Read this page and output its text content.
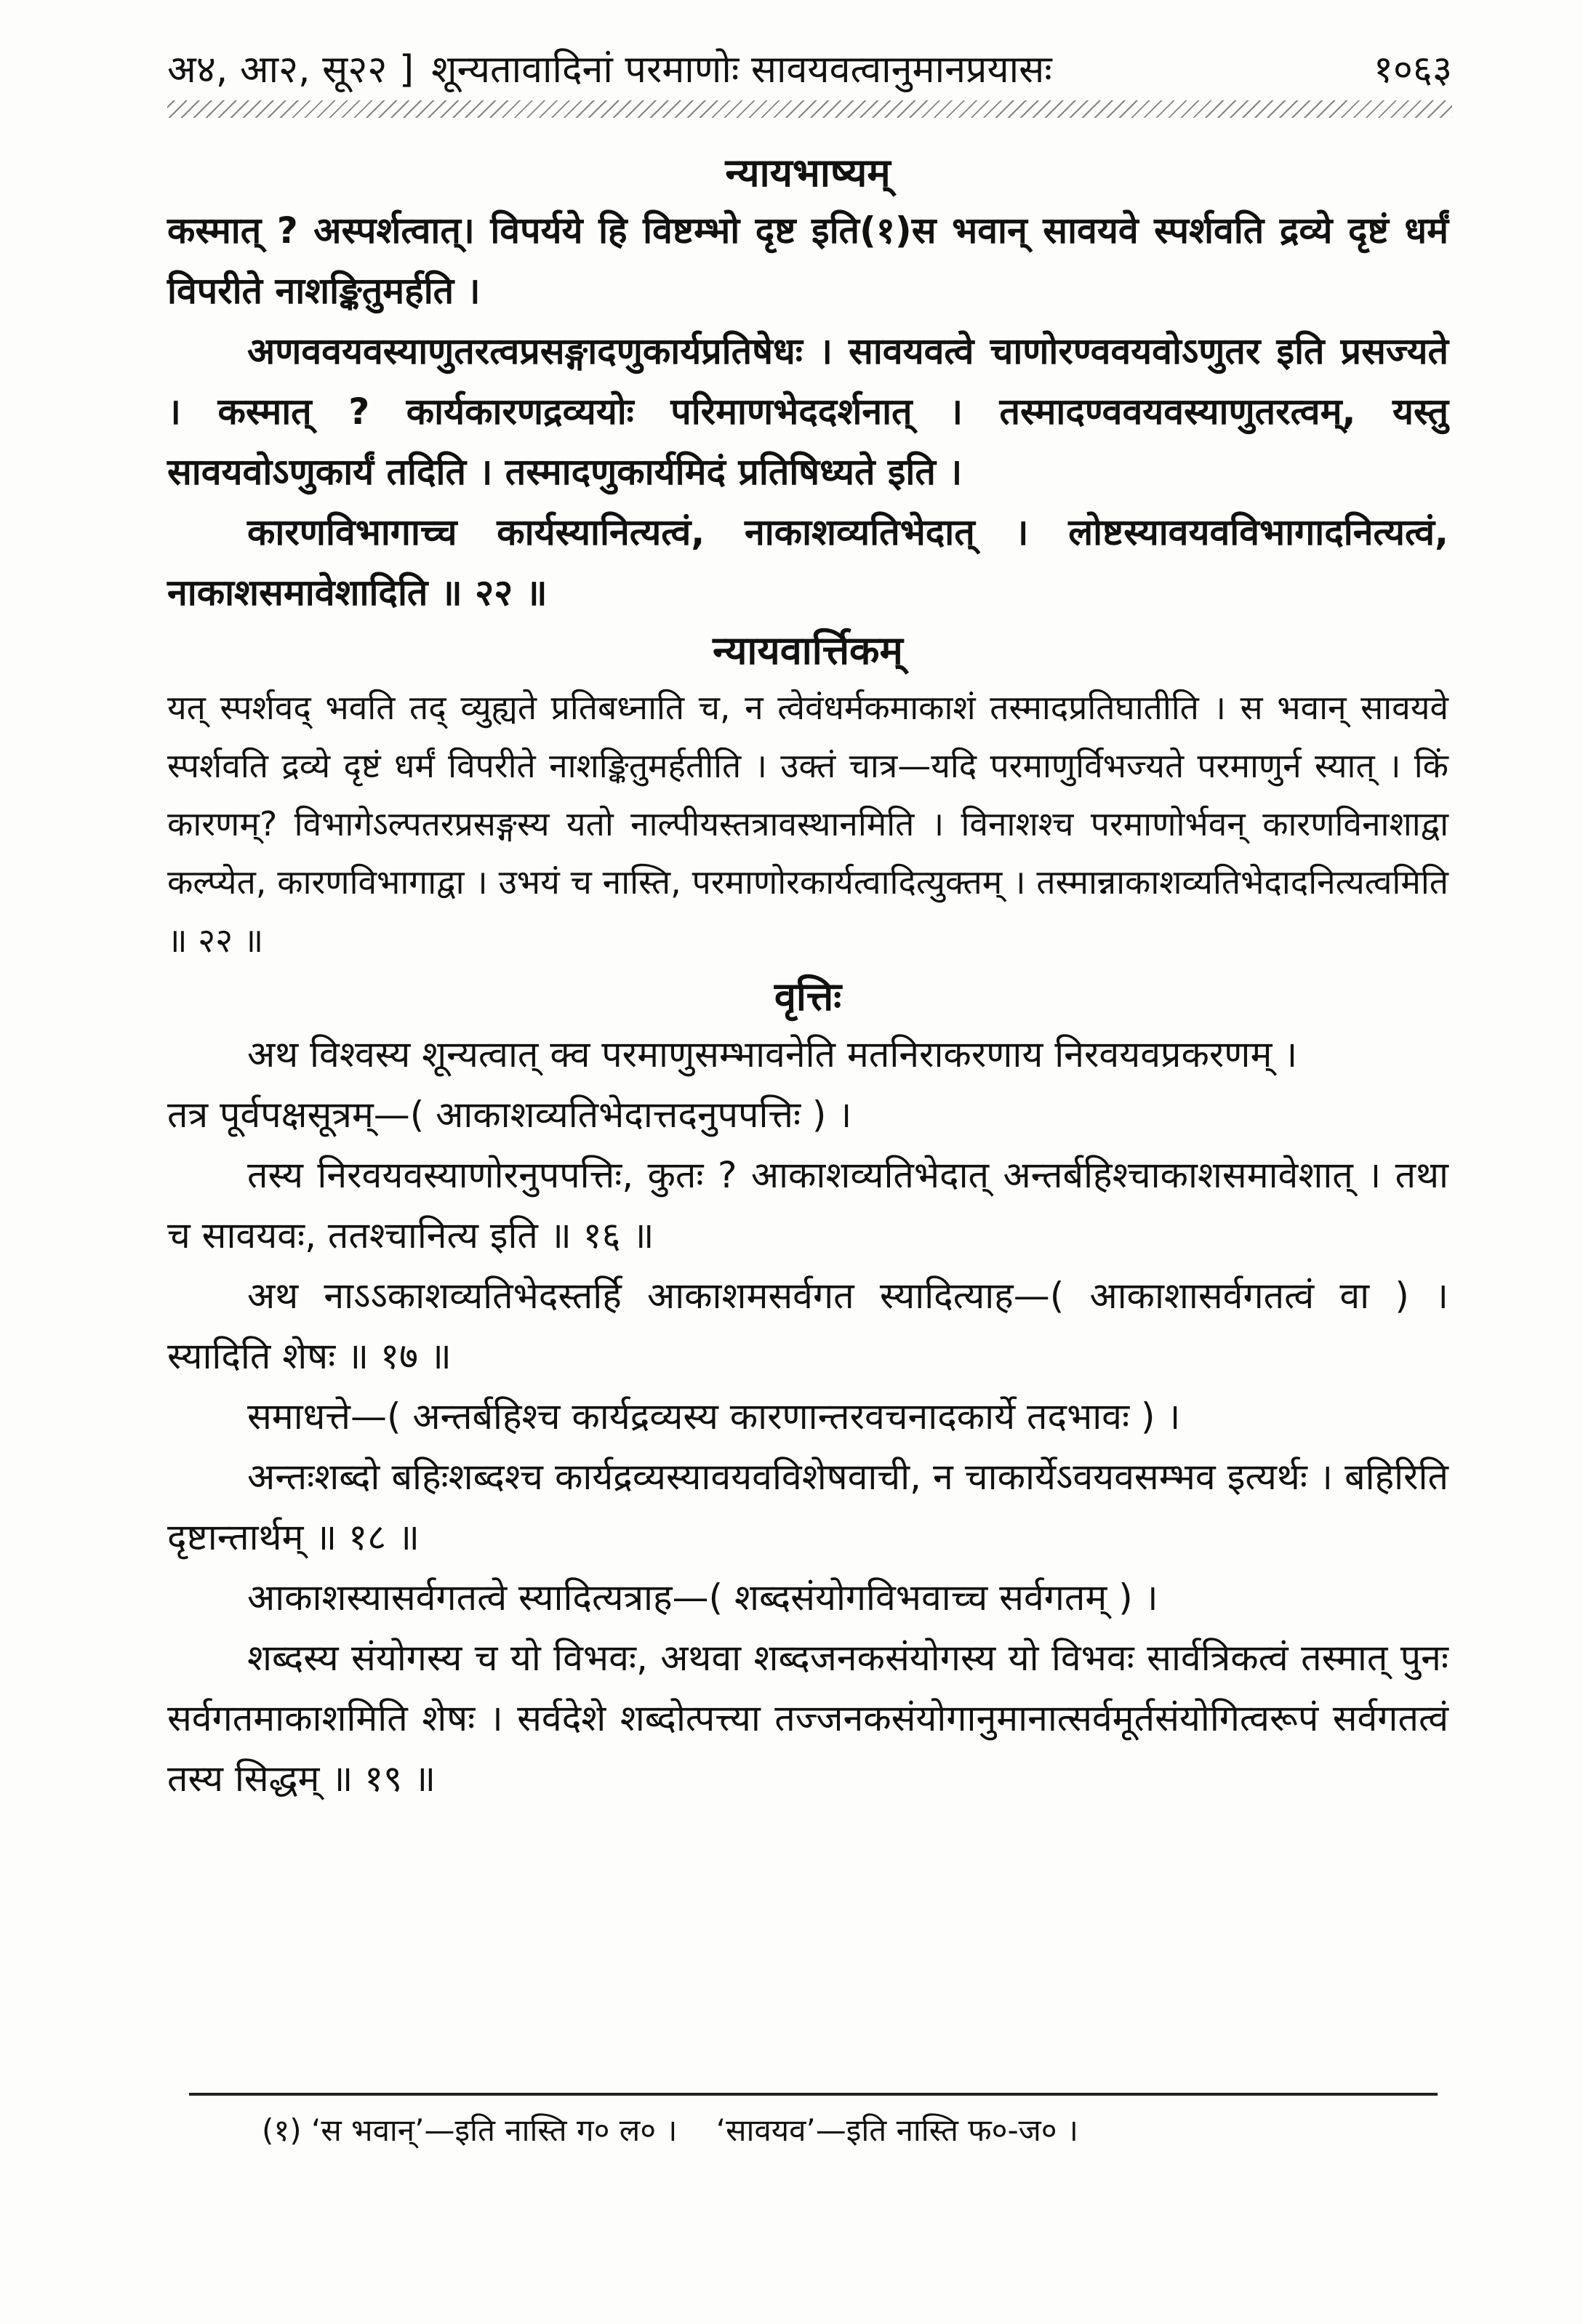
अ४, आ२, सू२२ ] शून्यतावादिनां परमाणोः सावयवत्वानुमानप्रयासः	१०६३
न्यायभाष्यम्

कस्मात् ? अस्पर्शत्वात्। विपर्यये हि विष्टम्भो दृष्ट इति(१)स भवान् सावयवे स्पर्शवति द्रव्ये दृष्टं धर्मं विपरीते नाशङ्कितुमर्हति ।

अणववयवस्याणुतरत्वप्रसङ्गादणुकार्यप्रतिषेधः । सावयवत्वे चाणोरण्ववयवोऽणुतर इति प्रसज्यते । कस्मात् ? कार्यकारणद्रव्ययोः परिमाणभेददर्शनात् । तस्मादण्ववयवस्याणुतरत्वम्, यस्तु सावयवोऽणुकार्यं तदिति । तस्मादणुकार्यमिदं प्रतिषिध्यते इति ।

कारणविभागाच्च कार्यस्यानित्यत्वं, नाकाशव्यतिभेदात् । लोष्टस्यावयवविभागादनित्यत्वं, नाकाशसमावेशादिति ॥ २२ ॥

न्यायवार्त्तिकम्

यत् स्पर्शवद् भवति तद् व्युह्यते प्रतिबध्नाति च, न त्वेवंधर्मकमाकाशं तस्मादप्रतिघातीति । स भवान् सावयवे स्पर्शवति द्रव्ये दृष्टं धर्मं विपरीते नाशङ्कितुमर्हतीति । उक्तं चात्र—यदि परमाणुर्विभज्यते परमाणुर्न स्यात् । किं कारणम्? विभागेऽल्पतरप्रसङ्गस्य यतो नाल्पीयस्तत्रावस्थानमिति । विनाशश्च परमाणोर्भवन् कारणविनाशाद्वा कल्प्येत, कारणविभागाद्वा । उभयं च नास्ति, परमाणोरकार्यत्वादित्युक्तम् । तस्मान्नाकाशव्यतिभेदादनित्यत्वमिति ॥ २२ ॥

वृत्तिः

अथ विश्वस्य शून्यत्वात् क्व परमाणुसम्भावनेति मतनिराकरणाय निरवयवप्रकरणम् ।

तत्र पूर्वपक्षसूत्रम्—( आकाशव्यतिभेदात्तदनुपपत्तिः ) ।

तस्य निरवयवस्याणोरनुपपत्तिः, कुतः ? आकाशव्यतिभेदात् अन्तर्बहिश्चाकाशसमावेशात् । तथा च सावयवः, ततश्चानित्य इति ॥ १६ ॥

अथ नाऽऽकाशव्यतिभेदस्तर्हि आकाशमसर्वगत स्यादित्याह—( आकाशासर्वगतत्वं वा ) । स्यादिति शेषः ॥ १७ ॥

समाधत्ते—( अन्तर्बहिश्च कार्यद्रव्यस्य कारणान्तरवचनादकार्ये तदभावः ) ।

अन्तःशब्दो बहिःशब्दश्च कार्यद्रव्यस्यावयवविशेषवाची, न चाकार्येऽवयवसम्भव इत्यर्थः । बहिरिति दृष्टान्तार्थम् ॥ १८ ॥

आकाशस्यासर्वगतत्वे स्यादित्यत्राह—( शब्दसंयोगविभवाच्च सर्वगतम् ) ।

शब्दस्य संयोगस्य च यो विभवः, अथवा शब्दजनकसंयोगस्य यो विभवः सार्वत्रिकत्वं तस्मात् पुनः सर्वगतमाकाशमिति शेषः । सर्वदेशे शब्दोत्पत्त्या तज्जनकसंयोगानुमानात्सर्वमूर्तसंयोगित्वरूपं सर्वगतत्वं तस्य सिद्धम् ॥ १९ ॥

(१) ‘स भवान्’—इति नास्ति ग० ल० । ‘सावयव’—इति नास्ति फ०-ज० ।
